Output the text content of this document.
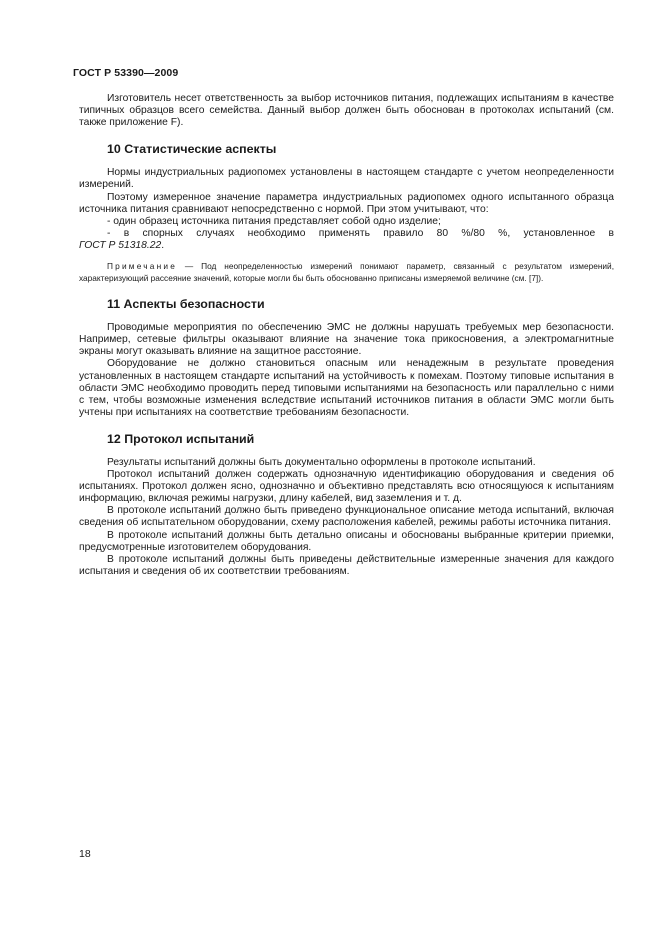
ГОСТ Р 53390—2009

Изготовитель несет ответственность за выбор источников питания, подлежащих испытаниям в качестве типичных образцов всего семейства. Данный выбор должен быть обоснован в протоколах испытаний (см. также приложение F).

10 Статистические аспекты

Нормы индустриальных радиопомех установлены в настоящем стандарте с учетом неопределенности измерений.

Поэтому измеренное значение параметра индустриальных радиопомех одного испытанного образца источника питания сравнивают непосредственно с нормой. При этом учитывают, что:

- один образец источника питания представляет собой одно изделие;

- в спорных случаях необходимо применять правило 80 %/80 %, установленное в

ГОСТ Р 51318.22.

Примечание — Под неопределенностью измерений понимают параметр, связанный с результатом измерений, характеризующий рассеяние значений, которые могли бы быть обоснованно приписаны измеряемой величине (см. [7]).

11 Аспекты безопасности

Проводимые мероприятия по обеспечению ЭМС не должны нарушать требуемых мер безопасности. Например, сетевые фильтры оказывают влияние на значение тока прикосновения, а электромагнитные экраны могут оказывать влияние на защитное расстояние.

Оборудование не должно становиться опасным или ненадежным в результате проведения установленных в настоящем стандарте испытаний на устойчивость к помехам. Поэтому типовые испытания в области ЭМС необходимо проводить перед типовыми испытаниями на безопасность или параллельно с ними с тем, чтобы возможные изменения вследствие испытаний источников питания в области ЭМС могли быть учтены при испытаниях на соответствие требованиям безопасности.

12 Протокол испытаний

Результаты испытаний должны быть документально оформлены в протоколе испытаний.

Протокол испытаний должен содержать однозначную идентификацию оборудования и сведения об испытаниях. Протокол должен ясно, однозначно и объективно представлять всю относящуюся к испытаниям информацию, включая режимы нагрузки, длину кабелей, вид заземления и т. д.

В протоколе испытаний должно быть приведено функциональное описание метода испытаний, включая сведения об испытательном оборудовании, схему расположения кабелей, режимы работы источника питания.

В протоколе испытаний должны быть детально описаны и обоснованы выбранные критерии приемки, предусмотренные изготовителем оборудования.

В протоколе испытаний должны быть приведены действительные измеренные значения для каждого испытания и сведения об их соответствии требованиям.

18
